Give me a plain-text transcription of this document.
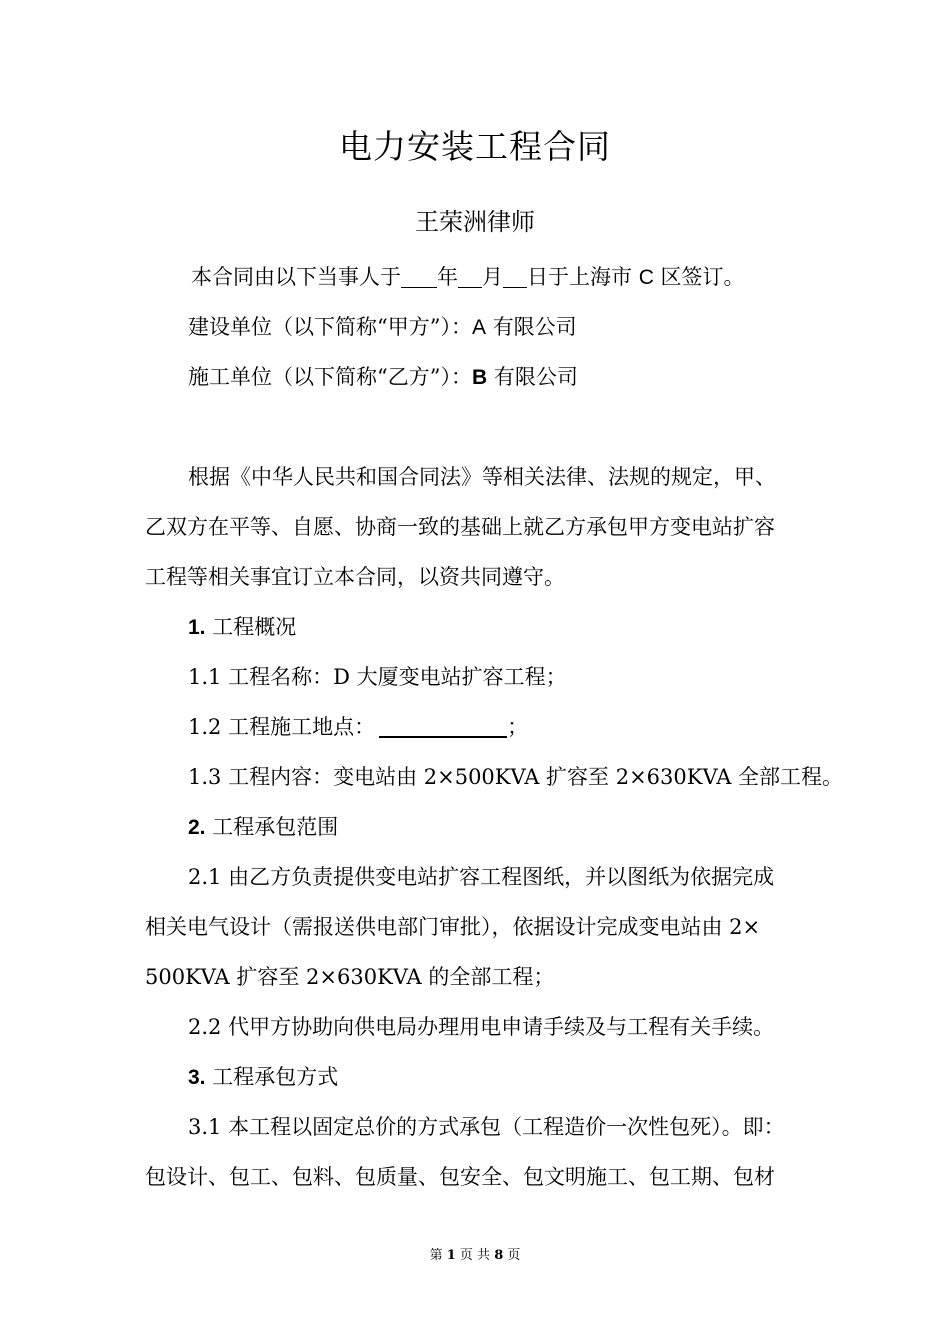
电力安装工程合同
王荣洲律师
本合同由以下当事人于 年 月 日于上海市 C 区签订。
建设单位（以下简称“甲方”）：A 有限公司
施工单位（以下简称“乙方”）：B 有限公司
根据《中华人民共和国合同法》等相关法律、法规的规定，甲、
乙双方在平等、自愿、协商一致的基础上就乙方承包甲方变电站扩容
工程等相关事宜订立本合同，以资共同遵守。
1. 工程概况
1.1 工程名称：D 大厦变电站扩容工程；
1.2 工程施工地点：	；
1.3 工程内容：变电站由 2×500KVA 扩容至 2×630KVA 全部工程。
2. 工程承包范围
2.1 由乙方负责提供变电站扩容工程图纸，并以图纸为依据完成
相关电气设计（需报送供电部门审批），依据设计完成变电站由 2×
500KVA 扩容至 2×630KVA 的全部工程；
2.2 代甲方协助向供电局办理用电申请手续及与工程有关手续。
3. 工程承包方式
3.1 本工程以固定总价的方式承包（工程造价一次性包死）。即：
包设计、包工、包料、包质量、包安全、包文明施工、包工期、包材
第 1 页 共 8 页
